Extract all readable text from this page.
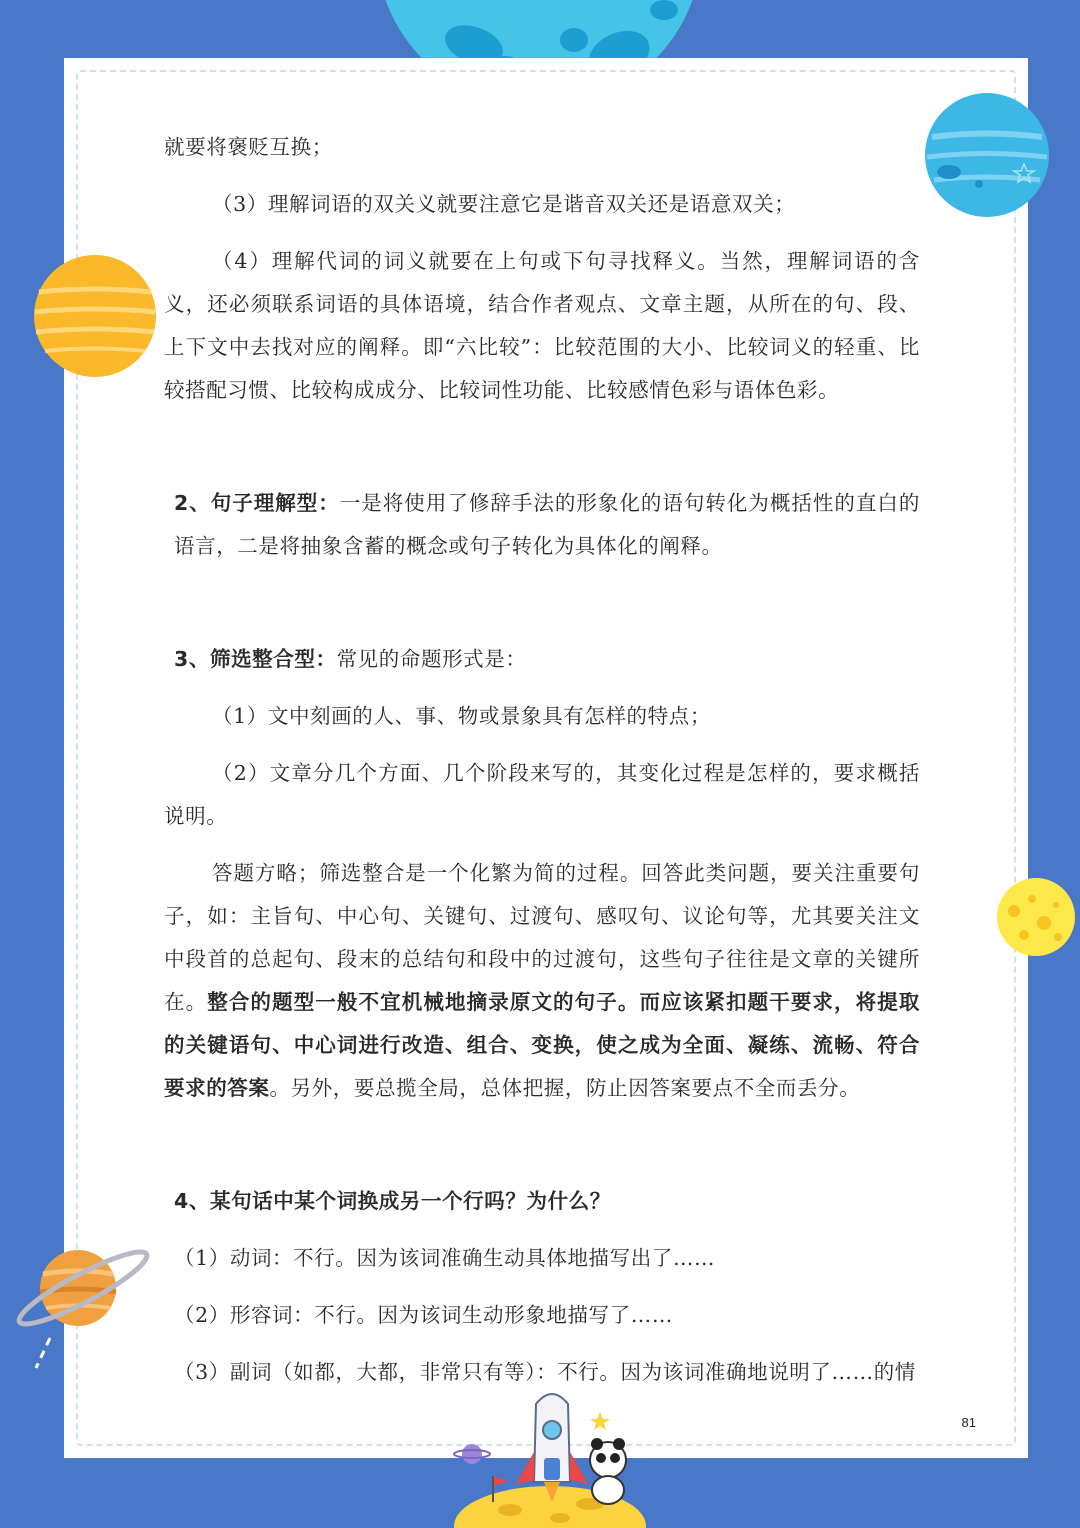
就要将褒贬互换；

（3）理解词语的双关义就要注意它是谐音双关还是语意双关；

（4）理解代词的词义就要在上句或下句寻找释义。当然，理解词语的含义，还必须联系词语的具体语境，结合作者观点、文章主题，从所在的句、段、上下文中去找对应的阐释。即“六比较”：比较范围的大小、比较词义的轻重、比较搭配习惯、比较构成成分、比较词性功能、比较感情色彩与语体色彩。

2、句子理解型：一是将使用了修辞手法的形象化的语句转化为概括性的直白的语言，二是将抽象含蓄的概念或句子转化为具体化的阐释。

3、筛选整合型：常见的命题形式是：

（1）文中刻画的人、事、物或景象具有怎样的特点；

（2）文章分几个方面、几个阶段来写的，其变化过程是怎样的，要求概括说明。

答题方略；筛选整合是一个化繁为简的过程。回答此类问题，要关注重要句子，如：主旨句、中心句、关键句、过渡句、感叹句、议论句等，尤其要关注文中段首的总起句、段末的总结句和段中的过渡句，这些句子往往是文章的关键所在。整合的题型一般不宜机械地摘录原文的句子。而应该紧扣题干要求，将提取的关键语句、中心词进行改造、组合、变换，使之成为全面、凝练、流畅、符合要求的答案。另外，要总揽全局，总体把握，防止因答案要点不全而丢分。

4、某句话中某个词换成另一个行吗？为什么？

（1）动词：不行。因为该词准确生动具体地描写出了……

（2）形容词：不行。因为该词生动形象地描写了……

（3）副词（如都，大都，非常只有等）：不行。因为该词准确地说明了……的情

81
